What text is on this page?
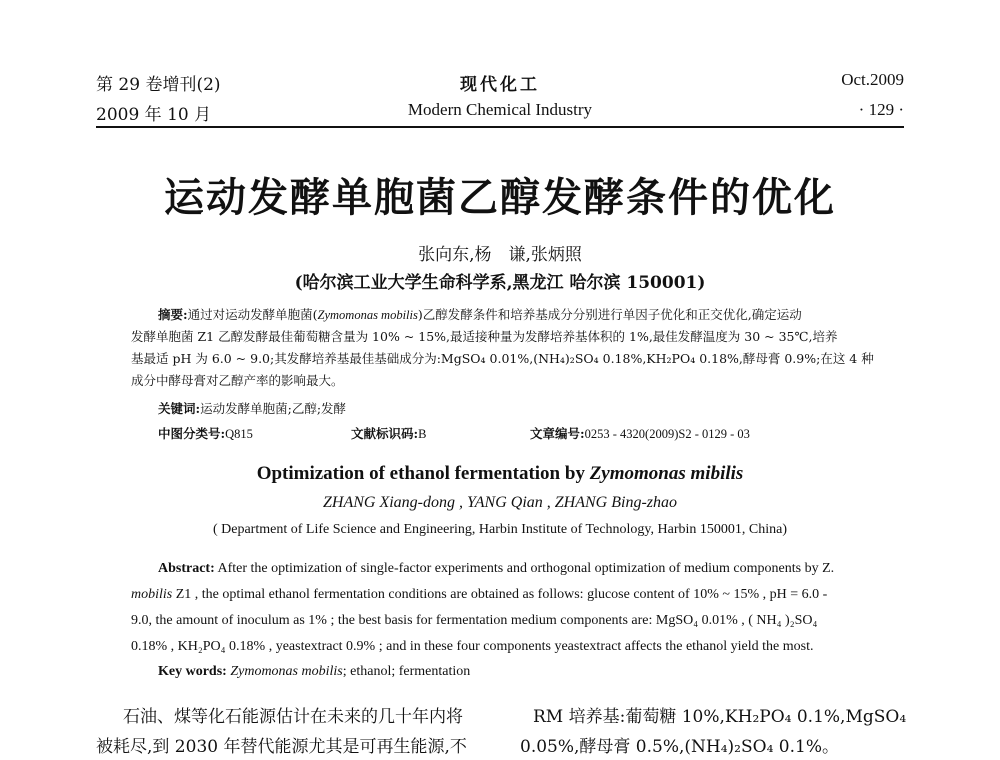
第 29 卷增刊(2)
2009 年 10 月
现代化工
Modern Chemical Industry
Oct.2009
· 129 ·
运动发酵单胞菌乙醇发酵条件的优化
张向东,杨　谦,张炳照
(哈尔滨工业大学生命科学系,黑龙江 哈尔滨 150001)
摘要:通过对运动发酵单胞菌(Zymomonas mobilis)乙醇发酵条件和培养基成分分别进行单因子优化和正交优化,确定运动
发酵单胞菌 Z1 乙醇发酵最佳葡萄糖含量为 10% ~ 15%,最适接种量为发酵培养基体积的 1%,最佳发酵温度为 30 ~ 35℃,培养
基最适 pH 为 6.0 ~ 9.0;其发酵培养基最佳基础成分为:MgSO₄ 0.01%,(NH₄)₂SO₄ 0.18%,KH₂PO₄ 0.18%,酵母膏 0.9%;在这 4 种
成分中酵母膏对乙醇产率的影响最大。
关键词:运动发酵单胞菌;乙醇;发酵
中图分类号:Q815	文献标识码:B	文章编号:0253 - 4320(2009)S2 - 0129 - 03
Optimization of ethanol fermentation by Zymomonas mibilis
ZHANG Xiang-dong , YANG Qian , ZHANG Bing-zhao
( Department of Life Science and Engineering, Harbin Institute of Technology, Harbin 150001, China)
Abstract: After the optimization of single-factor experiments and orthogonal optimization of medium components by Z.
mobilis Z1 , the optimal ethanol fermentation conditions are obtained as follows: glucose content of 10% ~ 15% , pH = 6.0 -
9.0, the amount of inoculum as 1% ; the best basis for fermentation medium components are: MgSO₄ 0.01% , ( NH₄ )₂SO₄
0.18% , KH₂PO₄ 0.18% , yeastextract 0.9% ; and in these four components yeastextract affects the ethanol yield the most.
Key words: Zymomonas mobilis; ethanol; fermentation
石油、煤等化石能源估计在未来的几十年内将
被耗尽,到 2030 年替代能源尤其是可再生能源,不
RM 培养基:葡萄糖 10%,KH₂PO₄ 0.1%,MgSO₄
0.05%,酵母膏 0.5%,(NH₄)₂SO₄ 0.1%。
